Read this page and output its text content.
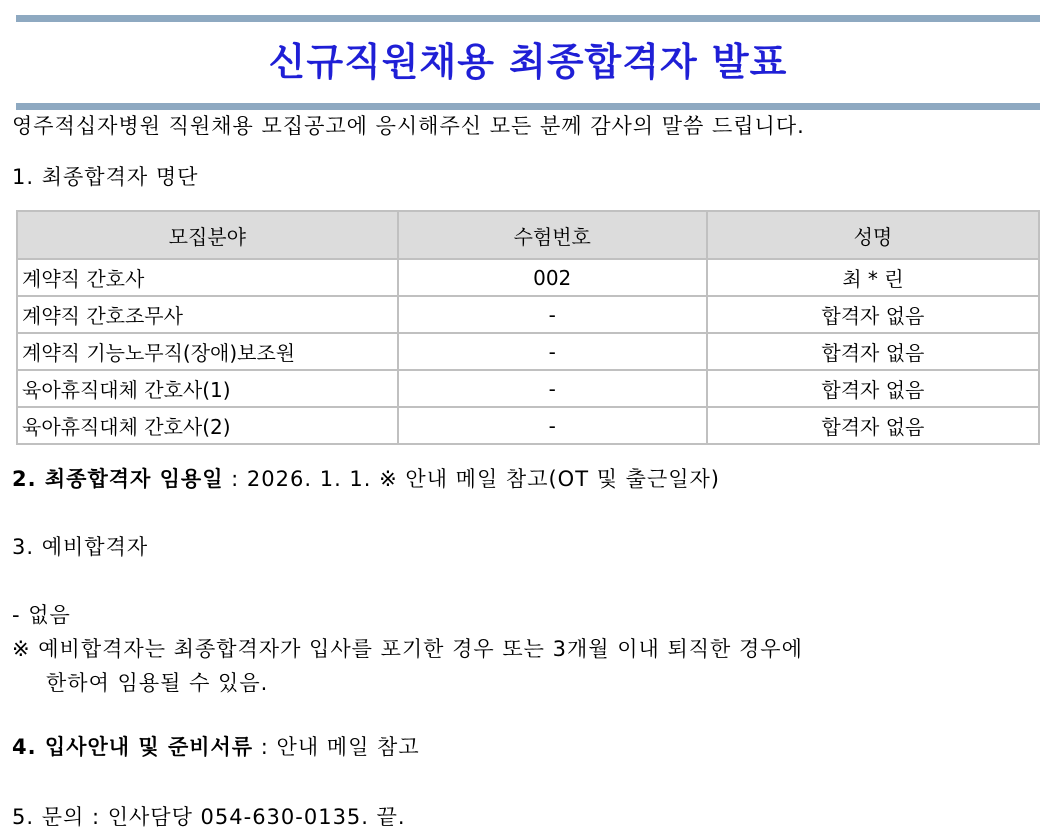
신규직원채용 최종합격자 발표
영주적십자병원 직원채용 모집공고에 응시해주신 모든 분께 감사의 말씀 드립니다.
1. 최종합격자 명단
모집분야	수험번호	성명
계약직 간호사	002	최 * 린
계약직 간호조무사	-	합격자 없음
계약직 기능노무직(장애)보조원	-	합격자 없음
육아휴직대체 간호사(1)	-	합격자 없음
육아휴직대체 간호사(2)	-	합격자 없음
2. 최종합격자 임용일 : 2026. 1. 1. ※ 안내 메일 참고(OT 및 출근일자)
3. 예비합격자
- 없음
※ 예비합격자는 최종합격자가 입사를 포기한 경우 또는 3개월 이내 퇴직한 경우에
한하여 임용될 수 있음.
4. 입사안내 및 준비서류 : 안내 메일 참고
5. 문의 : 인사담당 054-630-0135. 끝.
